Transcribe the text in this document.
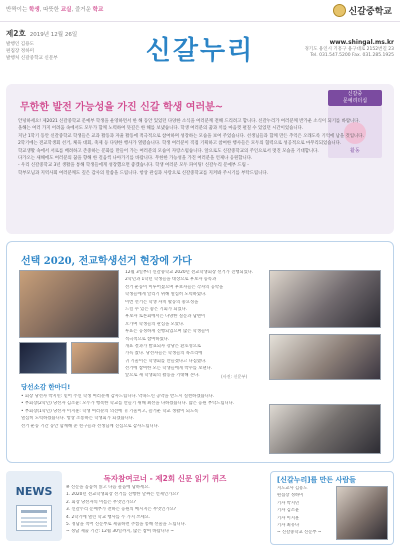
반짝이는 학생, 따뜻한 교실, 즐거운 학교	신갈중학교
제2호 2019년 12월 26일
발행인 김용도
편집장 정하미
발행처 신갈중학교 신문부	신갈누리	www.shingal.ms.kr
경기도 용인시 기흥구 용구대로 2152번길 23
Tel. 031.547.5200 Fax. 031.285.1925
무한한 발전 가능성을 가진 신갈 학생 여러분~
신갈중
문예리더십
활동
안녕하세요! 제2021 신갈중학교 문예부 학생을 운영하면서 한 해 동안 있었던 다양한 소식을 여러분께 전해 드리려고 합니다. 신갈누리가 여러분께 반가운 소식이 되기를 바랍니다.
올해는 여러 가지 어려움 속에서도 모두가 함께 노력하여 뜻깊은 한 해를 보냈습니다. 학생 여러분의 꿈과 끼를 마음껏 펼칠 수 있었던 시간이었습니다.
지난 1학기 동안 신갈중학교 학생들은 교과 활동과 자율 활동에 적극적으로 참여하며 성장하는 모습을 보여 주었습니다. 선생님들과 함께 만든 추억은 오래도록 기억에 남을 것입니다.
2학기에는 전교학생회 선거, 체육 대회, 축제 등 다양한 행사가 열렸습니다. 학생 여러분이 직접 기획하고 참여한 행사들은 모두의 협력으로 성공적으로 마무리되었습니다.
학교생활 속에서 서로를 배려하고 존중하는 문화를 만들어 가는 여러분의 모습이 자랑스럽습니다. 앞으로도 신갈중학교의 주인으로서 멋진 모습을 기대합니다.
다가오는 새해에도 여러분의 꿈을 향해 한 걸음씩 나아가기를 바랍니다. 무한한 가능성을 가진 여러분을 언제나 응원합니다.
- 우리 신갈중학교 3년 생활을 통해 학생들에게 성장했으면 좋겠습니다. 학생 여러분 모두 파이팅! 신갈누리 문예부 드림 -
학부모님과 지역사회 여러분께도 깊은 감사의 말씀을 드립니다. 항상 관심과 사랑으로 신갈중학교를 지켜봐 주시기를 부탁드립니다.
선택 2020, 전교학생선거 현장에 가다
12월 3일부터 신갈중학교 2020년 전교학생회장 선거가 진행되었다.
2학년과 1학년 학생들을 대상으로 후보자 등록과
선거 운동이 이루어졌으며 후보자들은 각자의 공약을
학생들에게 알리기 위해 열심히 노력하였다.
이번 선거는 학생 자치 활동의 중요성을
느낄 수 있는 좋은 기회가 되었다.
후보자 토론회에서는 다양한 질문과 답변이
오가며 학생들의 관심을 모았다.
투표는 공정하게 진행되었으며 많은 학생들이
적극적으로 참여하였다.
개표 결과가 발표되자 강당은 환호성으로
가득 찼다. 당선자들은 학생들의 목소리에
귀 기울이는 학생회를 만들겠다고 다짐했다.
선거에 참여한 모든 학생들에게 박수를 보낸다.
앞으로 새 학생회의 활동을 기대해 본다.	(사진: 신문부)
당선소감 한마디!
• 회장 당선자 박지민: 믿어 주신 학생 여러분께 감사드립니다. 약속드린 공약을 반드시 실천하겠습니다.
• 부회장(2학년) 당선자 김소윤: 모두가 행복한 학교를 만들기 위해 최선을 다하겠습니다. 많은 응원 부탁드립니다.
• 부회장(1학년) 당선자 이지훈: 학생 여러분의 의견에 귀 기울이고, 즐거운 학교 생활이 되도록
열심히 노력하겠습니다. 항상 소통하는 학생회가 되겠습니다.
선거 운동 기간 동안 함께해 준 친구들과 선생님께 진심으로 감사드립니다.
NEWS
독자참여코너 - 제2회 신문 읽기 퀴즈
※ 신문을 꼼꼼히 읽고 다음 물음에 답하세요.
1. 2020년 전교학생회장 선거를 진행한 날짜는 언제인가요?
2. 회장 당선자의 이름은 무엇인가요?
3. 신갈누리 문예부가 전하는 응원의 메시지는 무엇인가요?
4. 2학기에 열린 학교 행사를 두 가지 쓰세요.
5. 정답을 적어 신문부로 제출하면 추첨을 통해 선물을 드립니다.
~ 정답 제출 기간: 12월 30일까지, 많은 참여 바랍니다 ~
[신갈누리]를 만든 사람들
지도교사 김용도
편집장 정하미
기자 박지민
기자 김소윤
기자 이지훈
기자 최유나
~ 신갈중학교 신문부 ~
